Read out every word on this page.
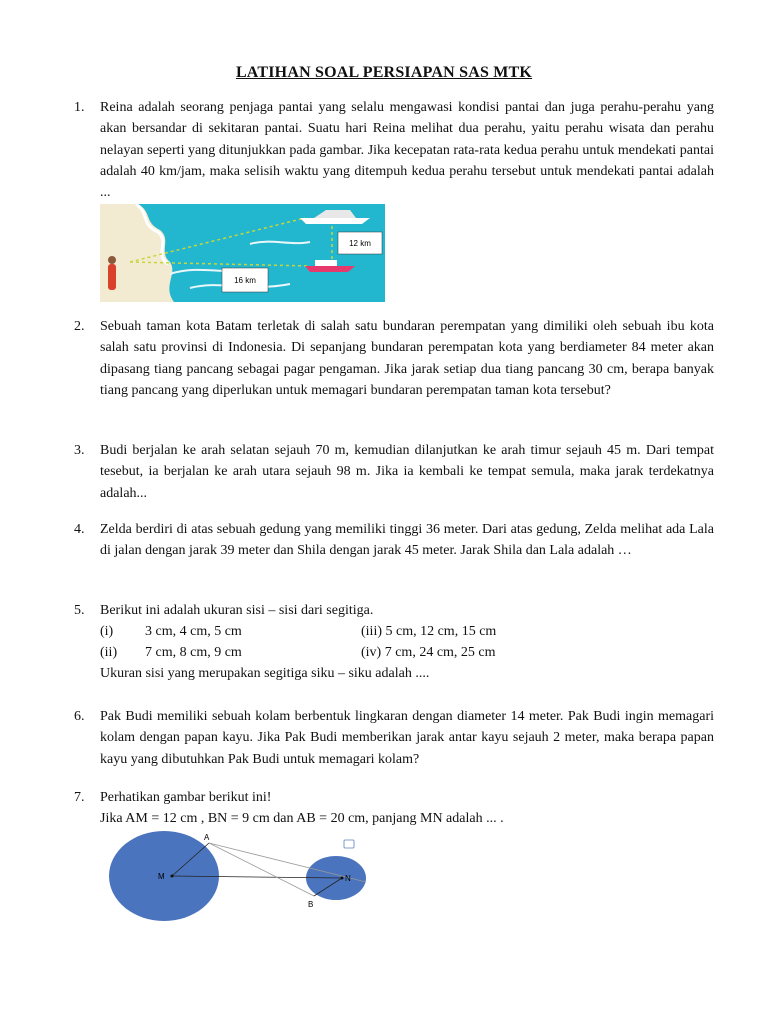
LATIHAN SOAL PERSIAPAN SAS MTK
1. Reina adalah seorang penjaga pantai yang selalu mengawasi kondisi pantai dan juga perahu-perahu yang akan bersandar di sekitaran pantai. Suatu hari Reina melihat dua perahu, yaitu perahu wisata dan perahu nelayan seperti yang ditunjukkan pada gambar. Jika kecepatan rata-rata kedua perahu untuk mendekati pantai adalah 40 km/jam, maka selisih waktu yang ditempuh kedua perahu tersebut untuk mendekati pantai adalah ...
12 km
16 km
2. Sebuah taman kota Batam terletak di salah satu bundaran perempatan yang dimiliki oleh sebuah ibu kota salah satu provinsi di Indonesia. Di sepanjang bundaran perempatan kota yang berdiameter 84 meter akan dipasang tiang pancang sebagai pagar pengaman. Jika jarak setiap dua tiang pancang 30 cm, berapa banyak tiang pancang yang diperlukan untuk memagari bundaran perempatan taman kota tersebut?
3. Budi berjalan ke arah selatan sejauh 70 m, kemudian dilanjutkan ke arah timur sejauh 45 m. Dari tempat tesebut, ia berjalan ke arah utara sejauh 98 m. Jika ia kembali ke tempat semula, maka jarak terdekatnya adalah...
4. Zelda berdiri di atas sebuah gedung yang memiliki tinggi 36 meter. Dari atas gedung, Zelda melihat ada Lala di jalan dengan jarak 39 meter dan Shila dengan jarak 45 meter. Jarak Shila dan Lala adalah …
5. Berikut ini adalah ukuran sisi – sisi dari segitiga.
(i)	3 cm, 4 cm, 5 cm	(iii) 5 cm, 12 cm, 15 cm
(ii)	7 cm, 8 cm, 9 cm	(iv) 7 cm, 24 cm, 25 cm
Ukuran sisi yang merupakan segitiga siku – siku adalah ....
6. Pak Budi memiliki sebuah kolam berbentuk lingkaran dengan diameter 14 meter. Pak Budi ingin memagari kolam dengan papan kayu. Jika Pak Budi memberikan jarak antar kayu sejauh 2 meter, maka berapa papan kayu yang dibutuhkan Pak Budi untuk memagari kolam?
7. Perhatikan gambar berikut ini!
Jika AM = 12 cm , BN = 9 cm dan AB = 20 cm, panjang MN adalah ... .
A
M	N
B
